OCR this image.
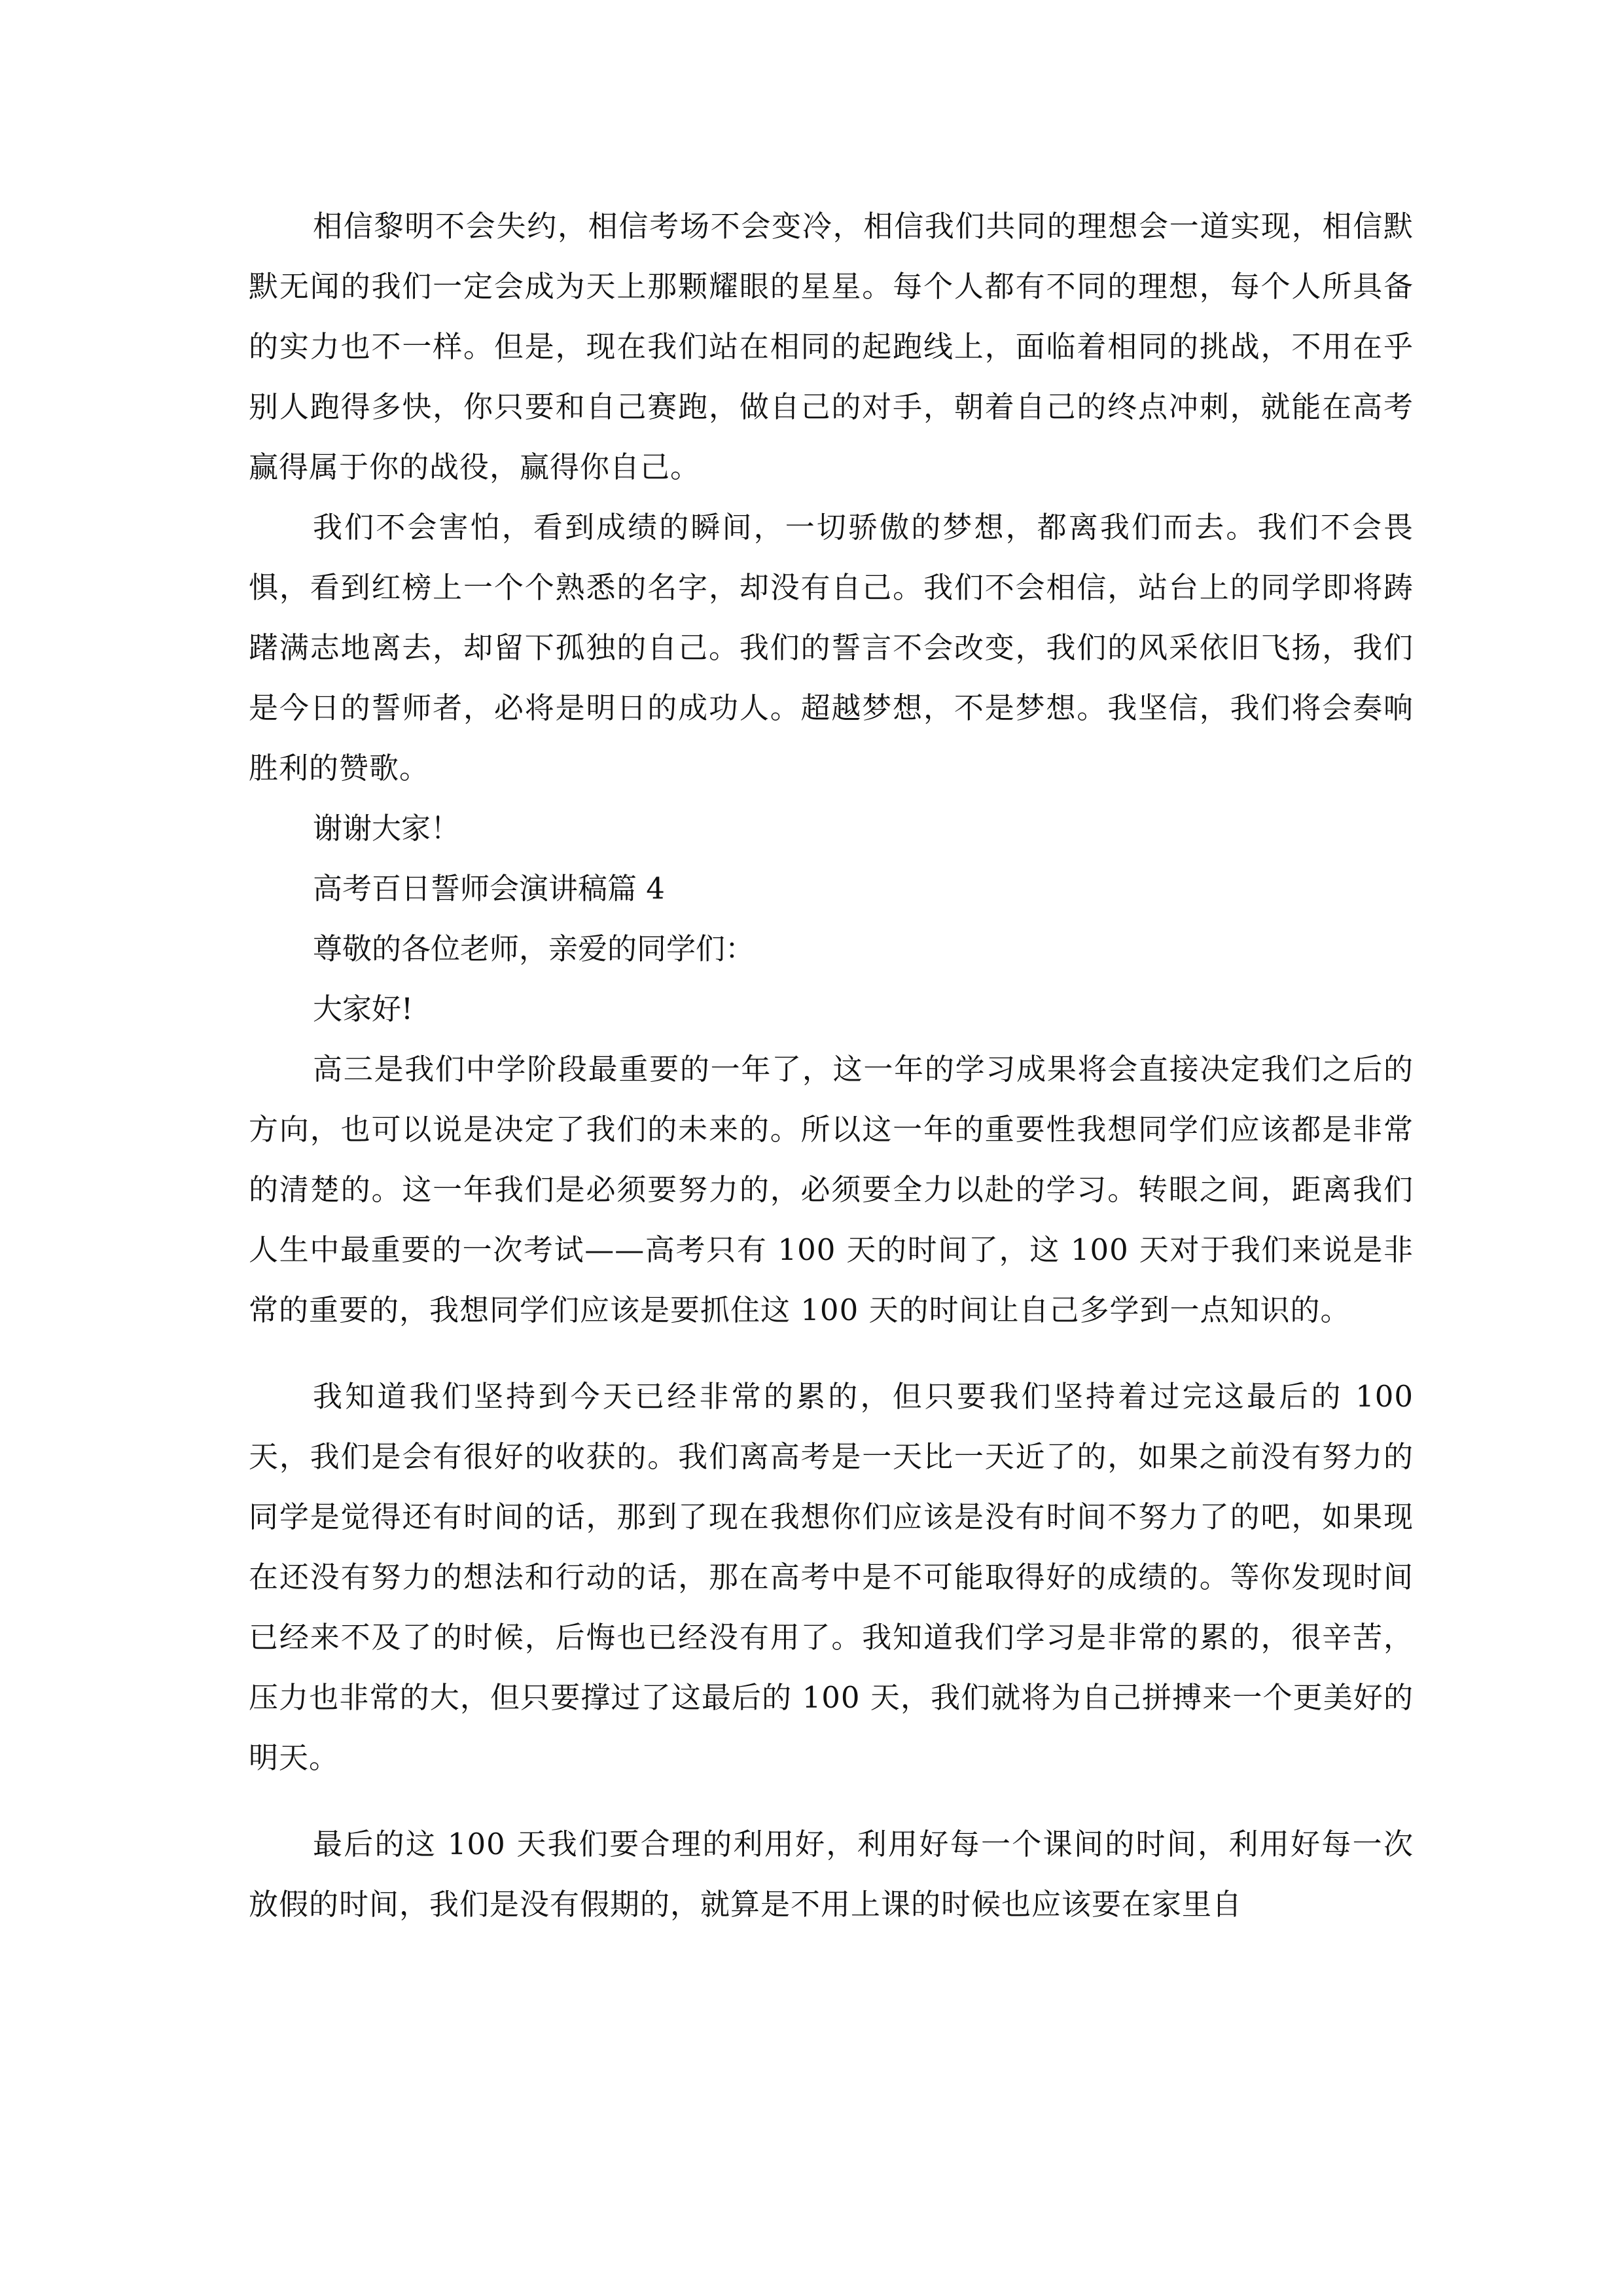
相信黎明不会失约，相信考场不会变冷，相信我们共同的理想会一道实现，相信默默无闻的我们一定会成为天上那颗耀眼的星星。每个人都有不同的理想，每个人所具备的实力也不一样。但是，现在我们站在相同的起跑线上，面临着相同的挑战，不用在乎别人跑得多快，你只要和自己赛跑，做自己的对手，朝着自己的终点冲刺，就能在高考赢得属于你的战役，赢得你自己。

我们不会害怕，看到成绩的瞬间，一切骄傲的梦想，都离我们而去。我们不会畏惧，看到红榜上一个个熟悉的名字，却没有自己。我们不会相信，站台上的同学即将踌躇满志地离去，却留下孤独的自己。我们的誓言不会改变，我们的风采依旧飞扬，我们是今日的誓师者，必将是明日的成功人。超越梦想，不是梦想。我坚信，我们将会奏响胜利的赞歌。

谢谢大家！

高考百日誓师会演讲稿篇 4

尊敬的各位老师，亲爱的同学们：

大家好!

高三是我们中学阶段最重要的一年了，这一年的学习成果将会直接决定我们之后的方向，也可以说是决定了我们的未来的。所以这一年的重要性我想同学们应该都是非常的清楚的。这一年我们是必须要努力的，必须要全力以赴的学习。转眼之间，距离我们人生中最重要的一次考试——高考只有 100 天的时间了，这 100 天对于我们来说是非常的重要的，我想同学们应该是要抓住这 100 天的时间让自己多学到一点知识的。

我知道我们坚持到今天已经非常的累的，但只要我们坚持着过完这最后的 100 天，我们是会有很好的收获的。我们离高考是一天比一天近了的，如果之前没有努力的同学是觉得还有时间的话，那到了现在我想你们应该是没有时间不努力了的吧，如果现在还没有努力的想法和行动的话，那在高考中是不可能取得好的成绩的。等你发现时间已经来不及了的时候，后悔也已经没有用了。我知道我们学习是非常的累的，很辛苦，压力也非常的大，但只要撑过了这最后的 100 天，我们就将为自己拼搏来一个更美好的明天。

最后的这 100 天我们要合理的利用好，利用好每一个课间的时间，利用好每一次放假的时间，我们是没有假期的，就算是不用上课的时候也应该要在家里自
